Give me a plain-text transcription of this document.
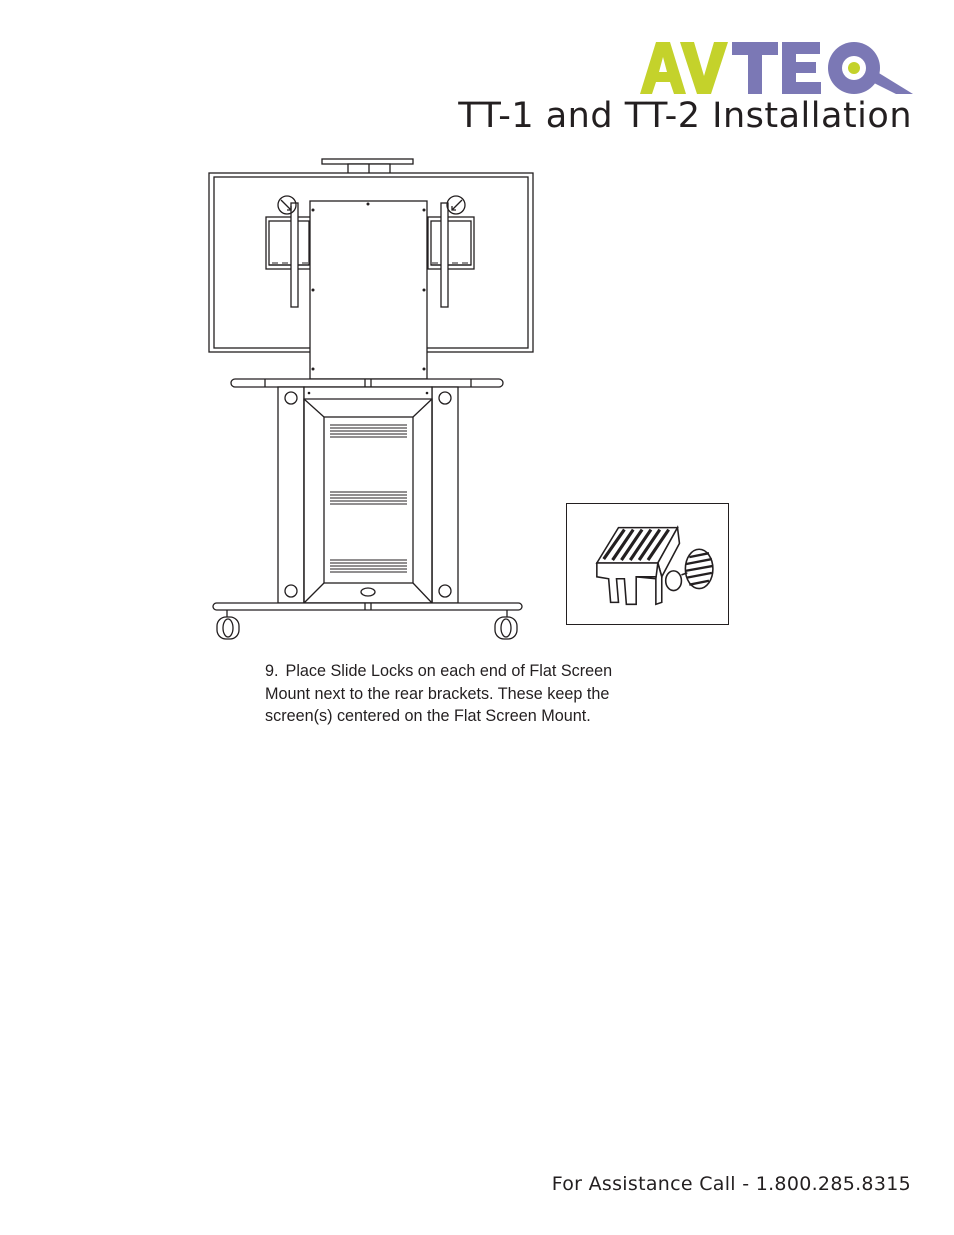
TT-1 and TT-2 Installation

9. Place Slide Locks on each end of Flat Screen Mount next to the rear brackets. These keep the screen(s) centered on the Flat Screen Mount.

For Assistance Call - 1.800.285.8315
